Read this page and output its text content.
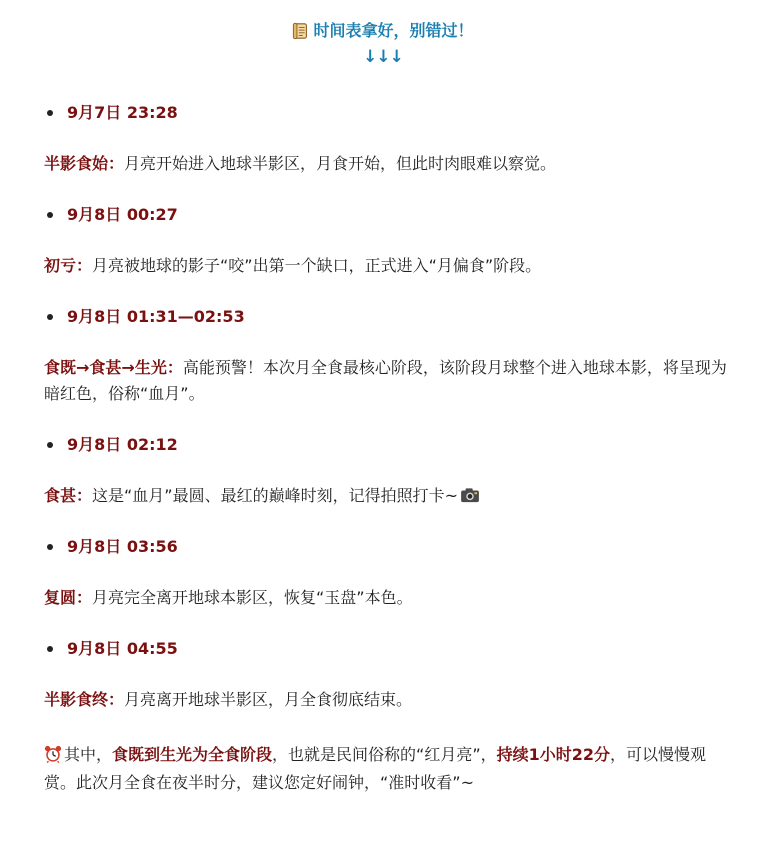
时间表拿好，别错过！
↓↓↓
9月7日 23:28
半影食始：月亮开始进入地球半影区，月食开始，但此时肉眼难以察觉。
9月8日 00:27
初亏：月亮被地球的影子“咬”出第一个缺口，正式进入“月偏食”阶段。
9月8日 01:31—02:53
食既→食甚→生光：高能预警！本次月全食最核心阶段，该阶段月球整个进入地球本影，将呈现为暗红色，俗称“血月”。
9月8日 02:12
食甚：这是“血月”最圆、最红的巅峰时刻，记得拍照打卡~
9月8日 03:56
复圆：月亮完全离开地球本影区，恢复“玉盘”本色。
9月8日 04:55
半影食终：月亮离开地球半影区，月全食彻底结束。
其中，食既到生光为全食阶段，也就是民间俗称的“红月亮”，持续1小时22分，可以慢慢观赏。此次月全食在夜半时分，建议您定好闹钟，“准时收看”~
